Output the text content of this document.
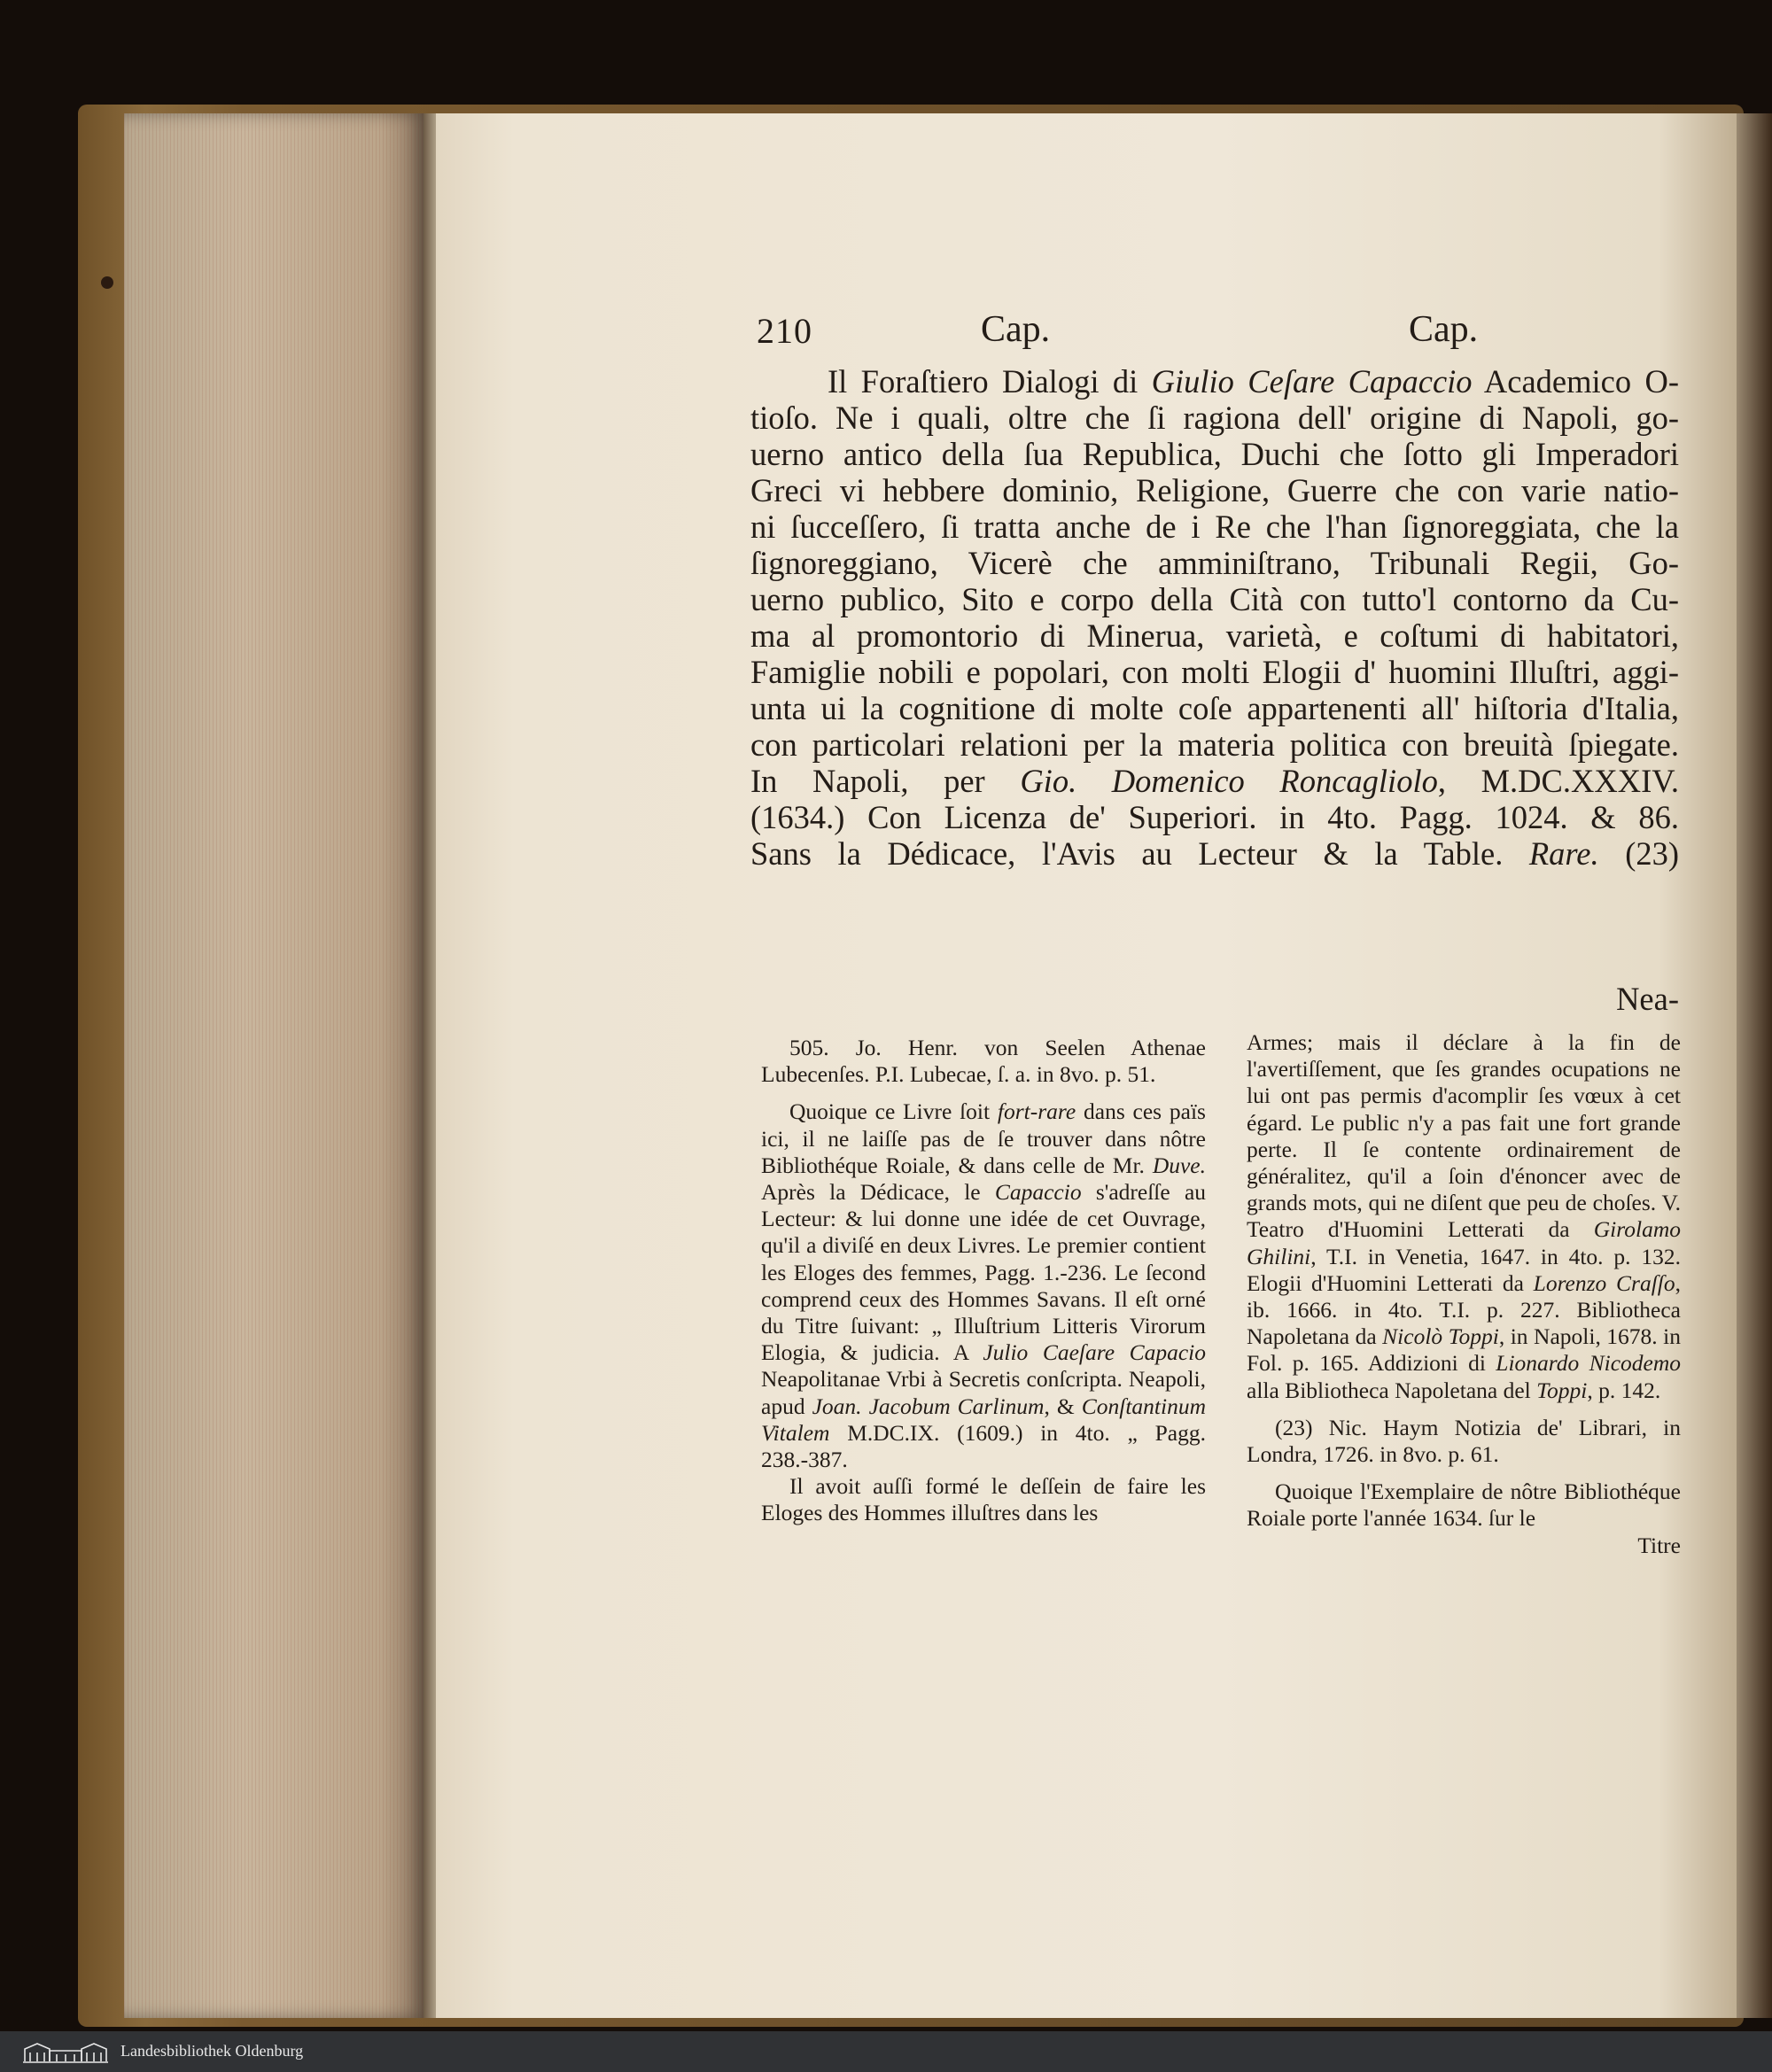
210	Cap.	Cap.
Il Foraſtiero Dialogi di Giulio Ceſare Capaccio Academico O-
tioſo. Ne i quali, oltre che ſi ragiona dell' origine di Napoli, go-
uerno antico della ſua Republica, Duchi che ſotto gli Imperadori
Greci vi hebbere dominio, Religione, Guerre che con varie natio-
ni ſucceſſero, ſi tratta anche de i Re che l'han ſignoreggiata, che la
ſignoreggiano, Vicerè che amminiſtrano, Tribunali Regii, Go-
uerno publico, Sito e corpo della Cità con tutto'l contorno da Cu-
ma al promontorio di Minerua, varietà, e coſtumi di habitatori,
Famiglie nobili e popolari, con molti Elogii d' huomini Illuſtri, aggi-
unta ui la cognitione di molte coſe appartenenti all' hiſtoria d'Italia,
con particolari relationi per la materia politica con breuità ſpiegate.
In Napoli, per Gio. Domenico Roncagliolo, M.DC.XXXIV.
(1634.) Con Licenza de' Superiori. in 4to. Pagg. 1024. & 86.
Sans la Dédicace, l'Avis au Lecteur & la Table. Rare. (23)
Nea-

505. Jo. Henr. von Seelen Athenae Lubecenſes. P.I. Lubecae, ſ. a. in 8vo. p. 51.

Quoique ce Livre ſoit fort-rare dans ces païs ici, il ne laiſſe pas de ſe trouver dans nôtre Bibliothéque Roiale, & dans celle de Mr. Duve. Après la Dédicace, le Capaccio s'adreſſe au Lecteur: & lui donne une idée de cet Ouvrage, qu'il a diviſé en deux Livres. Le premier contient les Eloges des femmes, Pagg. 1.-236. Le ſecond comprend ceux des Hommes Savans. Il eſt orné du Titre ſuivant: „ Illuſtrium Litteris Virorum Elogia, & judicia. A Julio Caeſare Capacio Neapolitanae Vrbi à Secretis conſcripta. Neapoli, apud Joan. Jacobum Carlinum, & Conſtantinum Vitalem M.DC.IX. (1609.) in 4to. „ Pagg. 238.-387.

Il avoit auſſi formé le deſſein de faire les Eloges des Hommes illuſtres dans les

Armes; mais il déclare à la fin de l'avertiſſement, que ſes grandes ocupations ne lui ont pas permis d'acomplir ſes vœux à cet égard. Le public n'y a pas fait une fort grande perte. Il ſe contente ordinairement de généralitez, qu'il a ſoin d'énoncer avec de grands mots, qui ne diſent que peu de choſes. V. Teatro d'Huomini Letterati da Girolamo Ghilini, T.I. in Venetia, 1647. in 4to. p. 132. Elogii d'Huomini Letterati da Lorenzo Craſſo, ib. 1666. in 4to. T.I. p. 227. Bibliotheca Napoletana da Nicolò Toppi, in Napoli, 1678. in Fol. p. 165. Addizioni di Lionardo Nicodemo alla Bibliotheca Napoletana del Toppi, p. 142.

(23) Nic. Haym Notizia de' Librari, in Londra, 1726. in 8vo. p. 61.

Quoique l'Exemplaire de nôtre Bibliothéque Roiale porte l'année 1634. ſur le

Titre

Landesbibliothek Oldenburg
